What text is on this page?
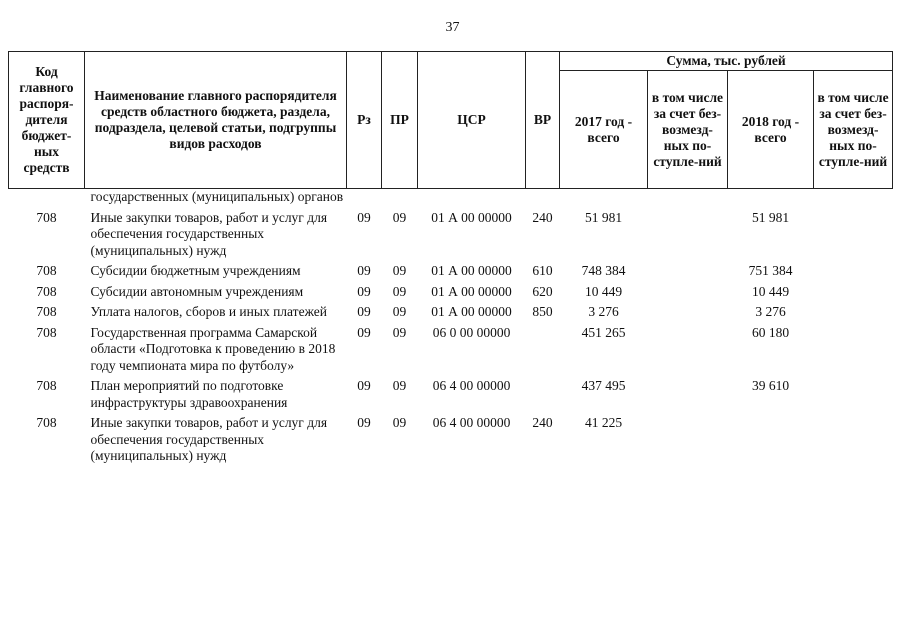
37
Код главного распоря-дителя бюджет-ных средств	Наименование главного распорядителя средств областного бюджета, раздела, подраздела, целевой статьи, подгруппы видов расходов	Рз	ПР	ЦСР	ВР	Сумма, тыс. рублей			
						2017 год - всего	в том числе за счет без-возмезд-ных по-ступле-ний	2018 год - всего	в том числе за счет без-возмезд-ных по-ступле-ний
	государственных (муниципальных) органов								
708	Иные закупки товаров, работ и услуг для обеспечения государственных (муниципальных) нужд	09	09	01 А 00 00000	240	51 981		51 981	
708	Субсидии бюджетным учреждениям	09	09	01 А 00 00000	610	748 384		751 384	
708	Субсидии автономным учреждениям	09	09	01 А 00 00000	620	10 449		10 449	
708	Уплата налогов, сборов и иных платежей	09	09	01 А 00 00000	850	3 276		3 276	
708	Государственная программа Самарской области «Подготовка к проведению в 2018 году чемпионата мира по футболу»	09	09	06 0 00 00000		451 265		60 180	
708	План мероприятий по подготовке инфраструктуры здравоохранения	09	09	06 4 00 00000		437 495		39 610	
708	Иные закупки товаров, работ и услуг для обеспечения государственных (муниципальных) нужд	09	09	06 4 00 00000	240	41 225			
